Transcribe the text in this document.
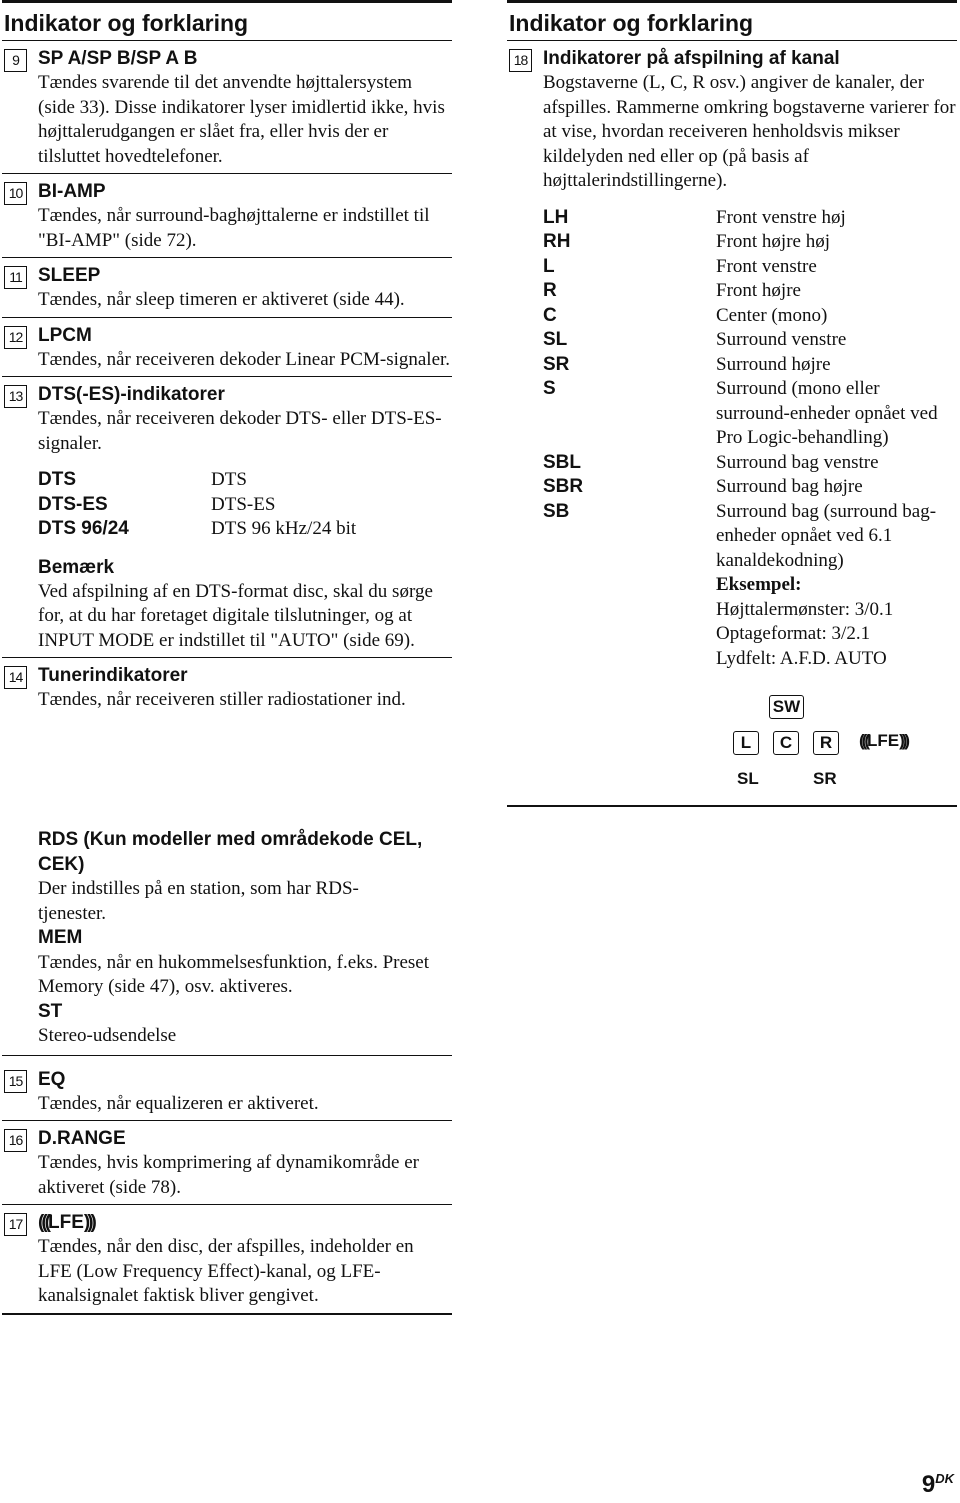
Indikator og forklaring
9	SP A/SP B/SP A B
Tændes svarende til det anvendte højttalersystem (side 33). Disse indikatorer lyser imidlertid ikke, hvis højttalerudgangen er slået fra, eller hvis der er tilsluttet hovedtelefoner.
10 BI-AMP
Tændes, når surround-baghøjttalerne er indstillet til "BI-AMP" (side 72).
11 SLEEP
Tændes, når sleep timeren er aktiveret (side 44).
12 LPCM
Tændes, når receiveren dekoder Linear PCM-signaler.
13 DTS(-ES)-indikatorer
Tændes, når receiveren dekoder DTS- eller DTS-ES-signaler.
DTS	DTS
DTS-ES	DTS-ES
DTS 96/24	DTS 96 kHz/24 bit
Bemærk
Ved afspilning af en DTS-format disc, skal du sørge for, at du har foretaget digitale tilslutninger, og at INPUT MODE er indstillet til "AUTO" (side 69).
14 Tunerindikatorer
Tændes, når receiveren stiller radiostationer ind.
RDS (Kun modeller med områdekode CEL, CEK)
Der indstilles på en station, som har RDS-tjenester.
MEM
Tændes, når en hukommelsesfunktion, f.eks. Preset Memory (side 47), osv. aktiveres.
ST
Stereo-udsendelse
15 EQ
Tændes, når equalizeren er aktiveret.
16 D.RANGE
Tændes, hvis komprimering af dynamikområde er aktiveret (side 78).
17 (((LFE)))
Tændes, når den disc, der afspilles, indeholder en LFE (Low Frequency Effect)-kanal, og LFE-kanalsignalet faktisk bliver gengivet.
Indikator og forklaring
18 Indikatorer på afspilning af kanal
Bogstaverne (L, C, R osv.) angiver de kanaler, der afspilles. Rammerne omkring bogstaverne varierer for at vise, hvordan receiveren henholdsvis mikser kildelyden ned eller op (på basis af højttalerindstillingerne).
LH	Front venstre høj
RH	Front højre høj
L	Front venstre
R	Front højre
C	Center (mono)
SL	Surround venstre
SR	Surround højre
S	Surround (mono eller surround-enheder opnået ved Pro Logic-behandling)
SBL	Surround bag venstre
SBR	Surround bag højre
SB	Surround bag (surround bag-enheder opnået ved 6.1 kanaldekodning)
Eksempel:
Højttalermønster: 3/0.1
Optageformat: 3/2.1
Lydfelt: A.F.D. AUTO
SW
L	C	R	(((LFE)))
SL	SR
$9^{DK}$
